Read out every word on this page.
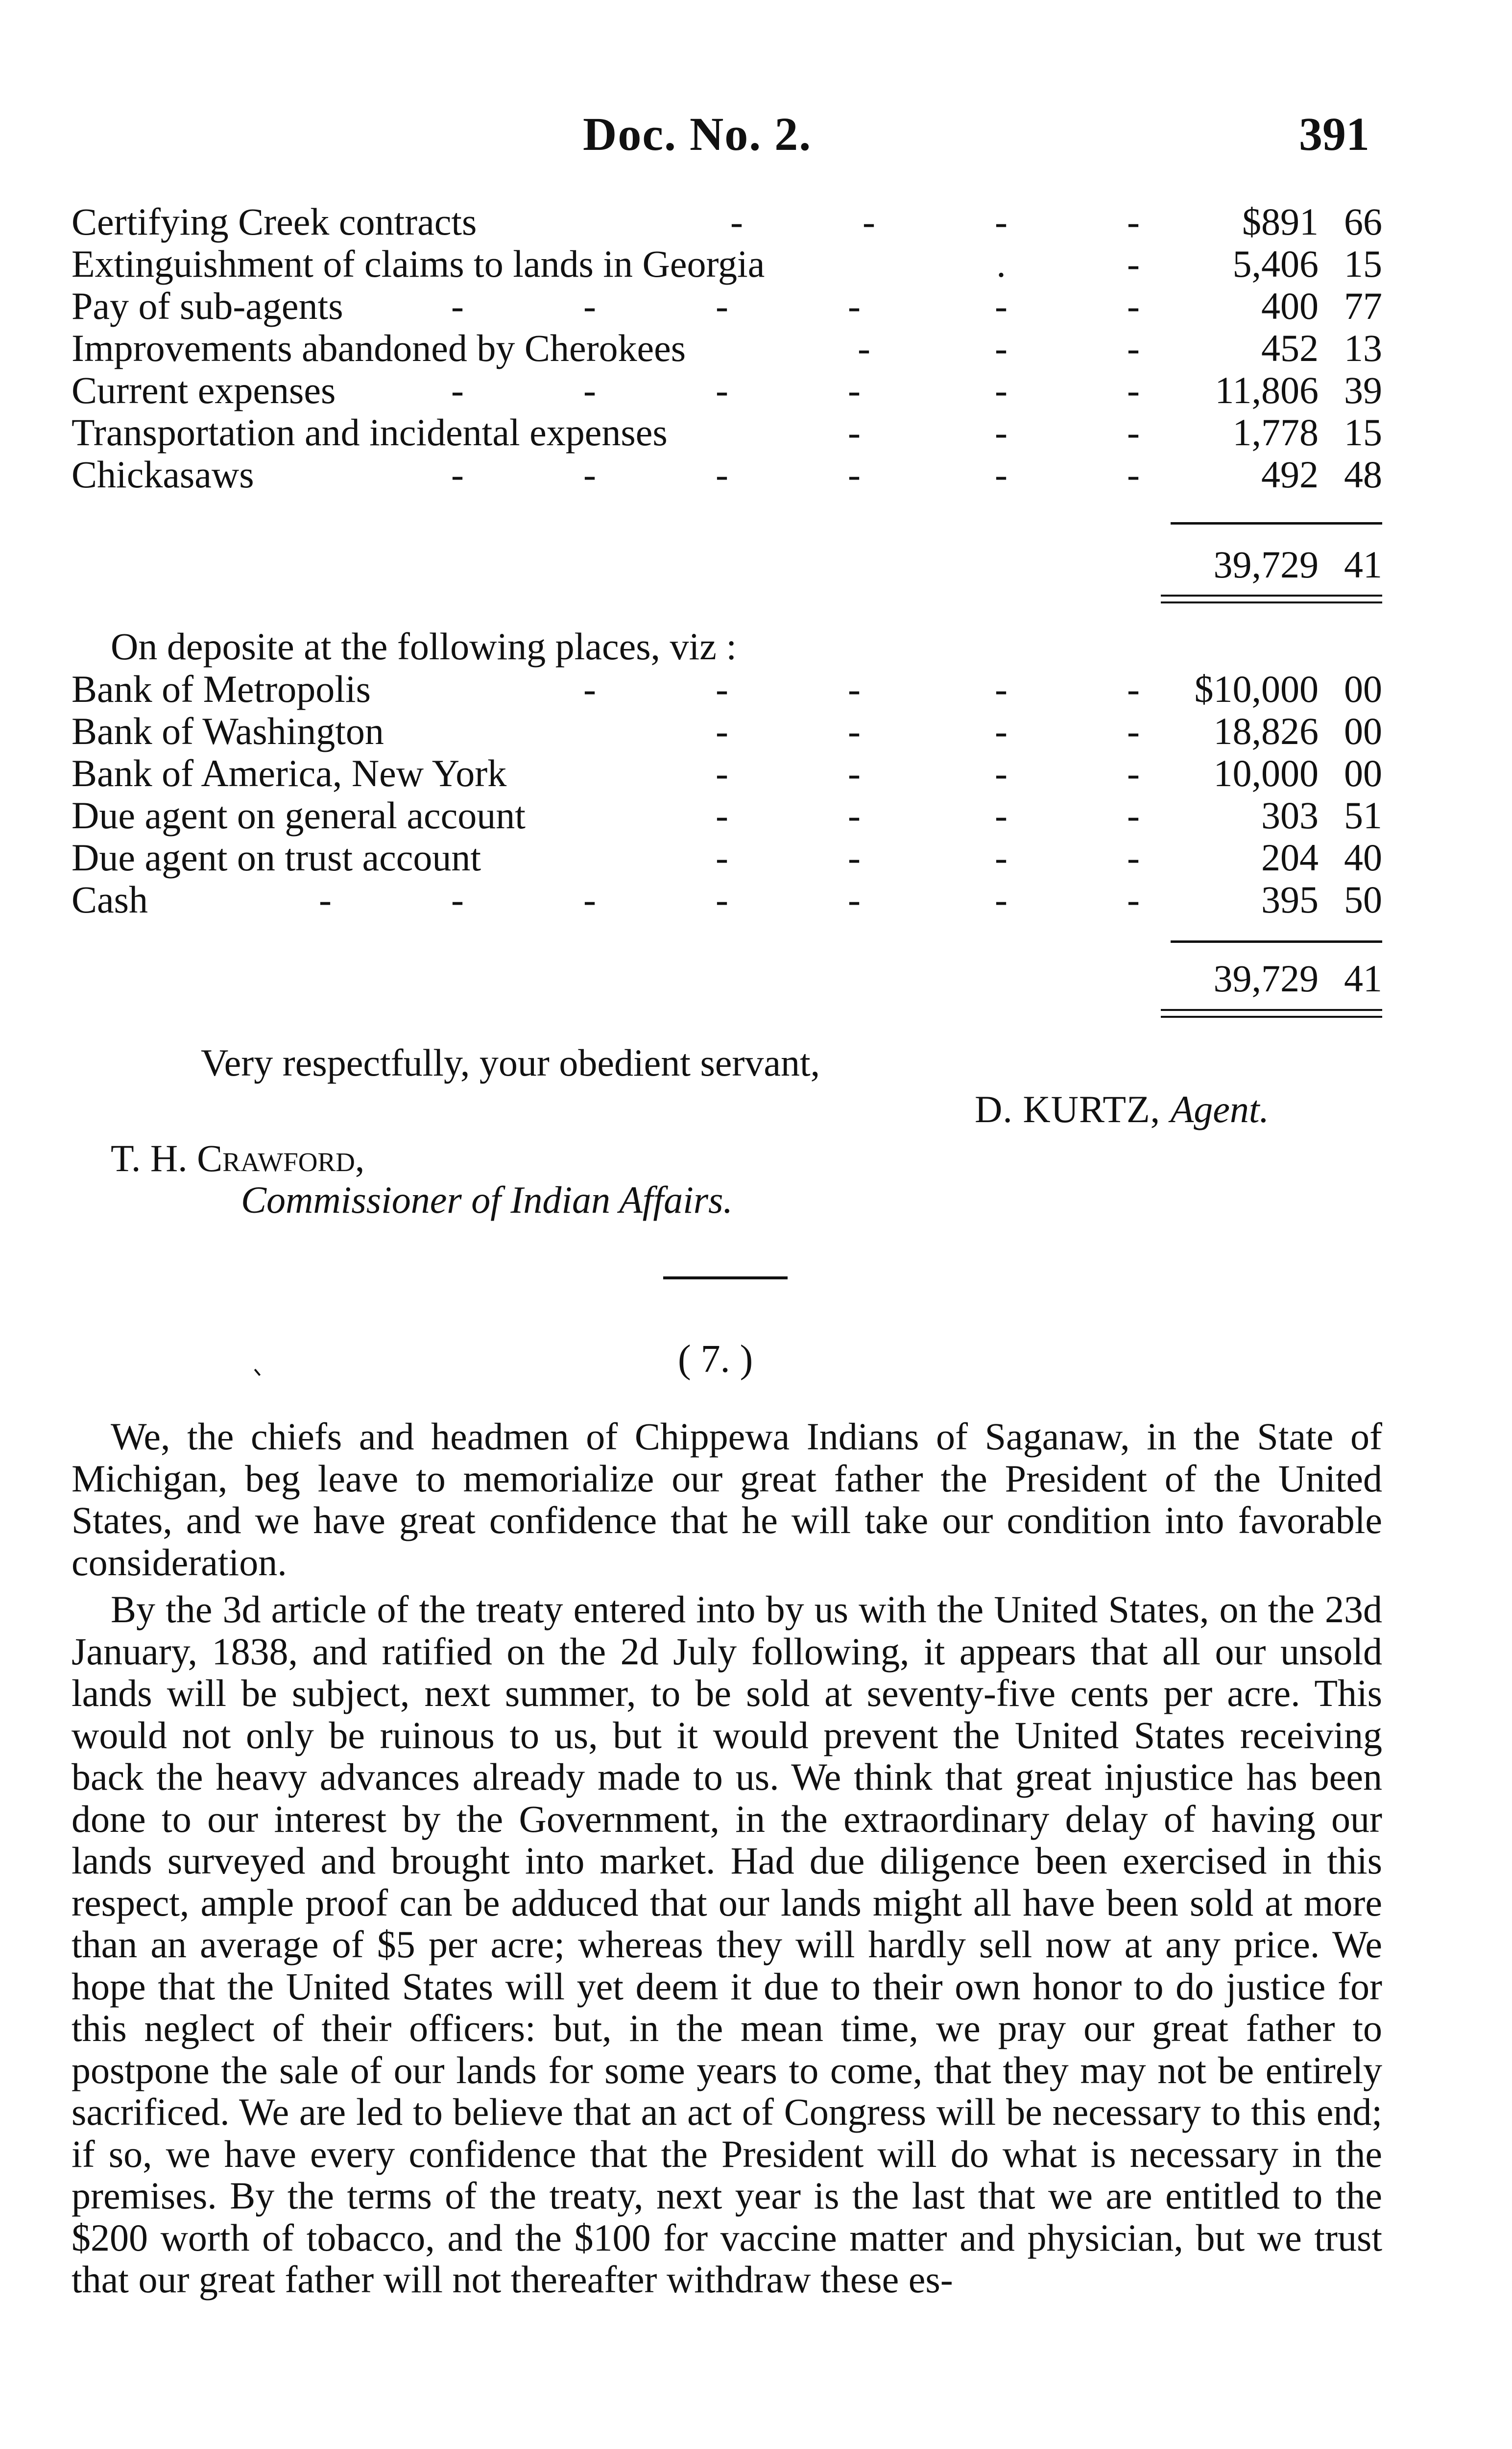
Doc. No. 2.	391
Certifying Creek contracts	-	-	-	-	$891 66
Extinguishment of claims to lands in Georgia	.	- 5,406 15
Pay of sub-agents	-	-	-	-	-	-	400 77
Improvements abandoned by Cherokees	-	-	-	452 13
Current expenses	-	-	-	-	-	- 11,806 39
Transportation and incidental expenses	-	-	- 1,778 15
Chickasaws	-	-	-	-	-	-	492 48
39,729 41
On deposite at the following places, viz :
Bank of Metropolis	-	-	-	-	- $10,000 00
Bank of Washington	-	-	-	- 18,826 00
Bank of America, New York	-	-	-	- 10,000 00
Due agent on general account	-	-	-	-	303 51
Due agent on trust account	-	-	-	-	204 40
Cash	-	-	-	-	-	-	-	395 50
39,729 41
Very respectfully, your obedient servant,
D. KURTZ, Agent.
T. H. Crawford,
Commissioner of Indian Affairs.
( 7. )

We, the chiefs and headmen of Chippewa Indians of Saganaw, in the State of Michigan, beg leave to memorialize our great father the President of the United States, and we have great confidence that he will take our condition into favorable consideration.

By the 3d article of the treaty entered into by us with the United States, on the 23d January, 1838, and ratified on the 2d July following, it appears that all our unsold lands will be subject, next summer, to be sold at seventy-five cents per acre. This would not only be ruinous to us, but it would prevent the United States receiving back the heavy advances already made to us. We think that great injustice has been done to our interest by the Government, in the extraordinary delay of having our lands surveyed and brought into market. Had due diligence been exercised in this respect, ample proof can be adduced that our lands might all have been sold at more than an average of $5 per acre; whereas they will hardly sell now at any price. We hope that the United States will yet deem it due to their own honor to do justice for this neglect of their officers: but, in the mean time, we pray our great father to postpone the sale of our lands for some years to come, that they may not be entirely sacrificed. We are led to believe that an act of Congress will be necessary to this end; if so, we have every confidence that the President will do what is necessary in the premises. By the terms of the treaty, next year is the last that we are entitled to the $200 worth of tobacco, and the $100 for vaccine matter and physician, but we trust that our great father will not thereafter withdraw these es-
